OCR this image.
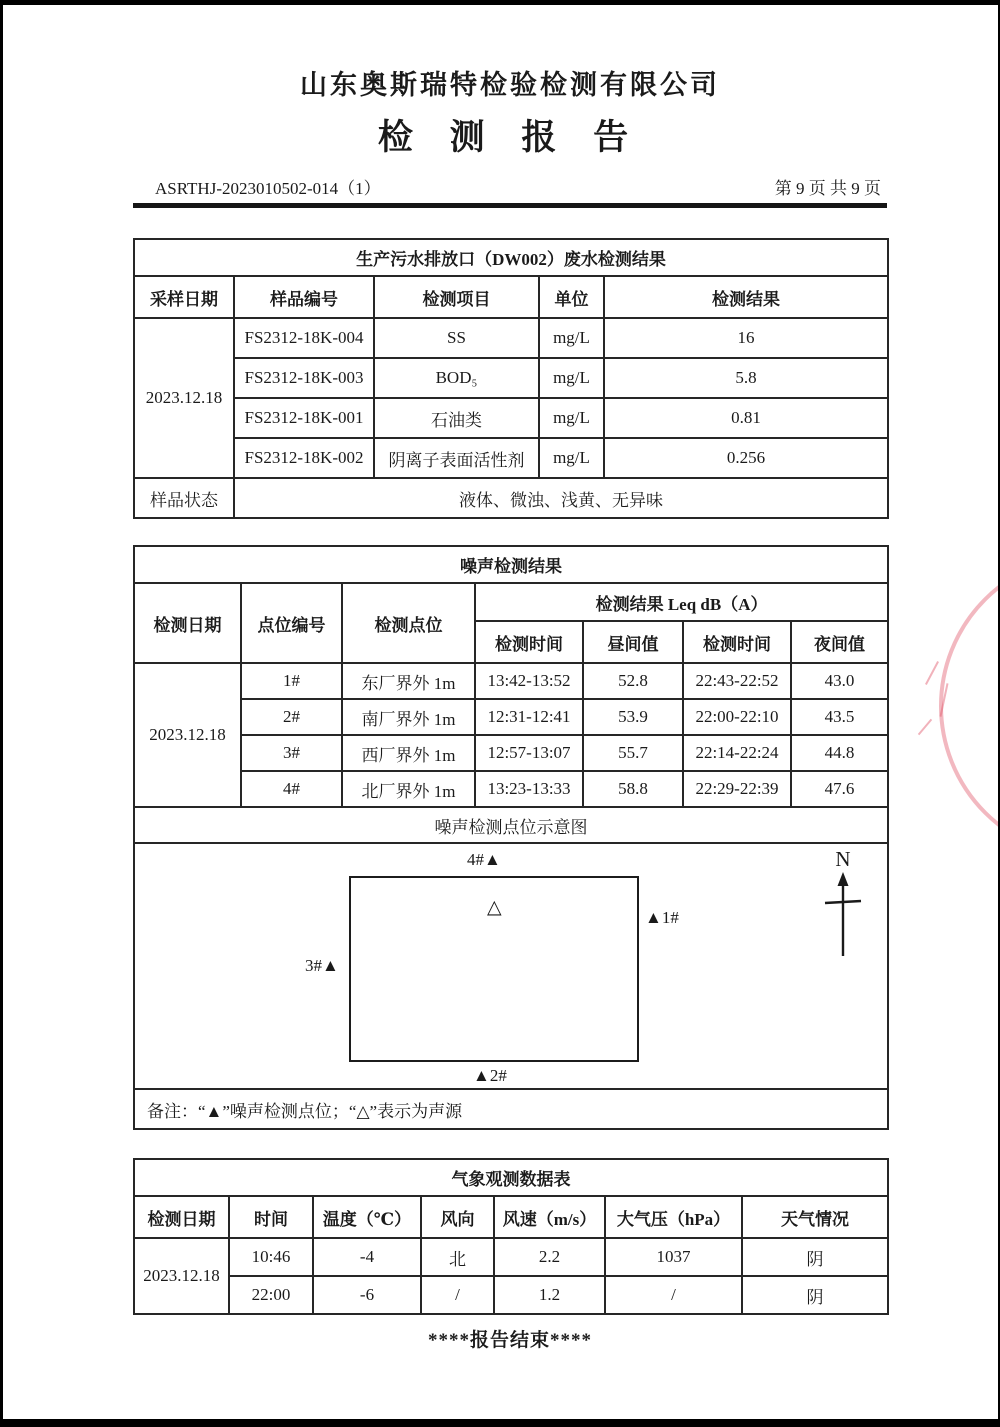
山东奥斯瑞特检验检测有限公司
检 测 报 告
ASRTHJ-2023010502-014（1）	第 9 页 共 9 页
生产污水排放口（DW002）废水检测结果				
采样日期	样品编号	检测项目	单位	检测结果
2023.12.18	FS2312-18K-004	SS	mg/L	16
	FS2312-18K-003	BOD₅	mg/L	5.8
	FS2312-18K-001	石油类	mg/L	0.81
	FS2312-18K-002	阴离子表面活性剂	mg/L	0.256
样品状态	液体、微浊、浅黄、无异味			
噪声检测结果						
检测日期	点位编号	检测点位	检测结果 Leq dB（A）			
			检测时间	昼间值	检测时间	夜间值
2023.12.18	1#	东厂界外 1m	13:42-13:52	52.8	22:43-22:52	43.0
	2#	南厂界外 1m	12:31-12:41	53.9	22:00-22:10	43.5
	3#	西厂界外 1m	12:57-13:07	55.7	22:14-22:24	44.8
	4#	北厂界外 1m	13:23-13:33	58.8	22:29-22:39	47.6
噪声检测点位示意图						

4#▲
△	▲1#
3#▲
▲2#
N

备注：“▲”噪声检测点位；“△”表示为声源						
气象观测数据表						
检测日期	时间	温度（℃）	风向	风速（m/s）	大气压（hPa）	天气情况
2023.12.18	10:46	-4	北	2.2	1037	阴
	22:00	-6	/	1.2	/	阴
****报告结束****
